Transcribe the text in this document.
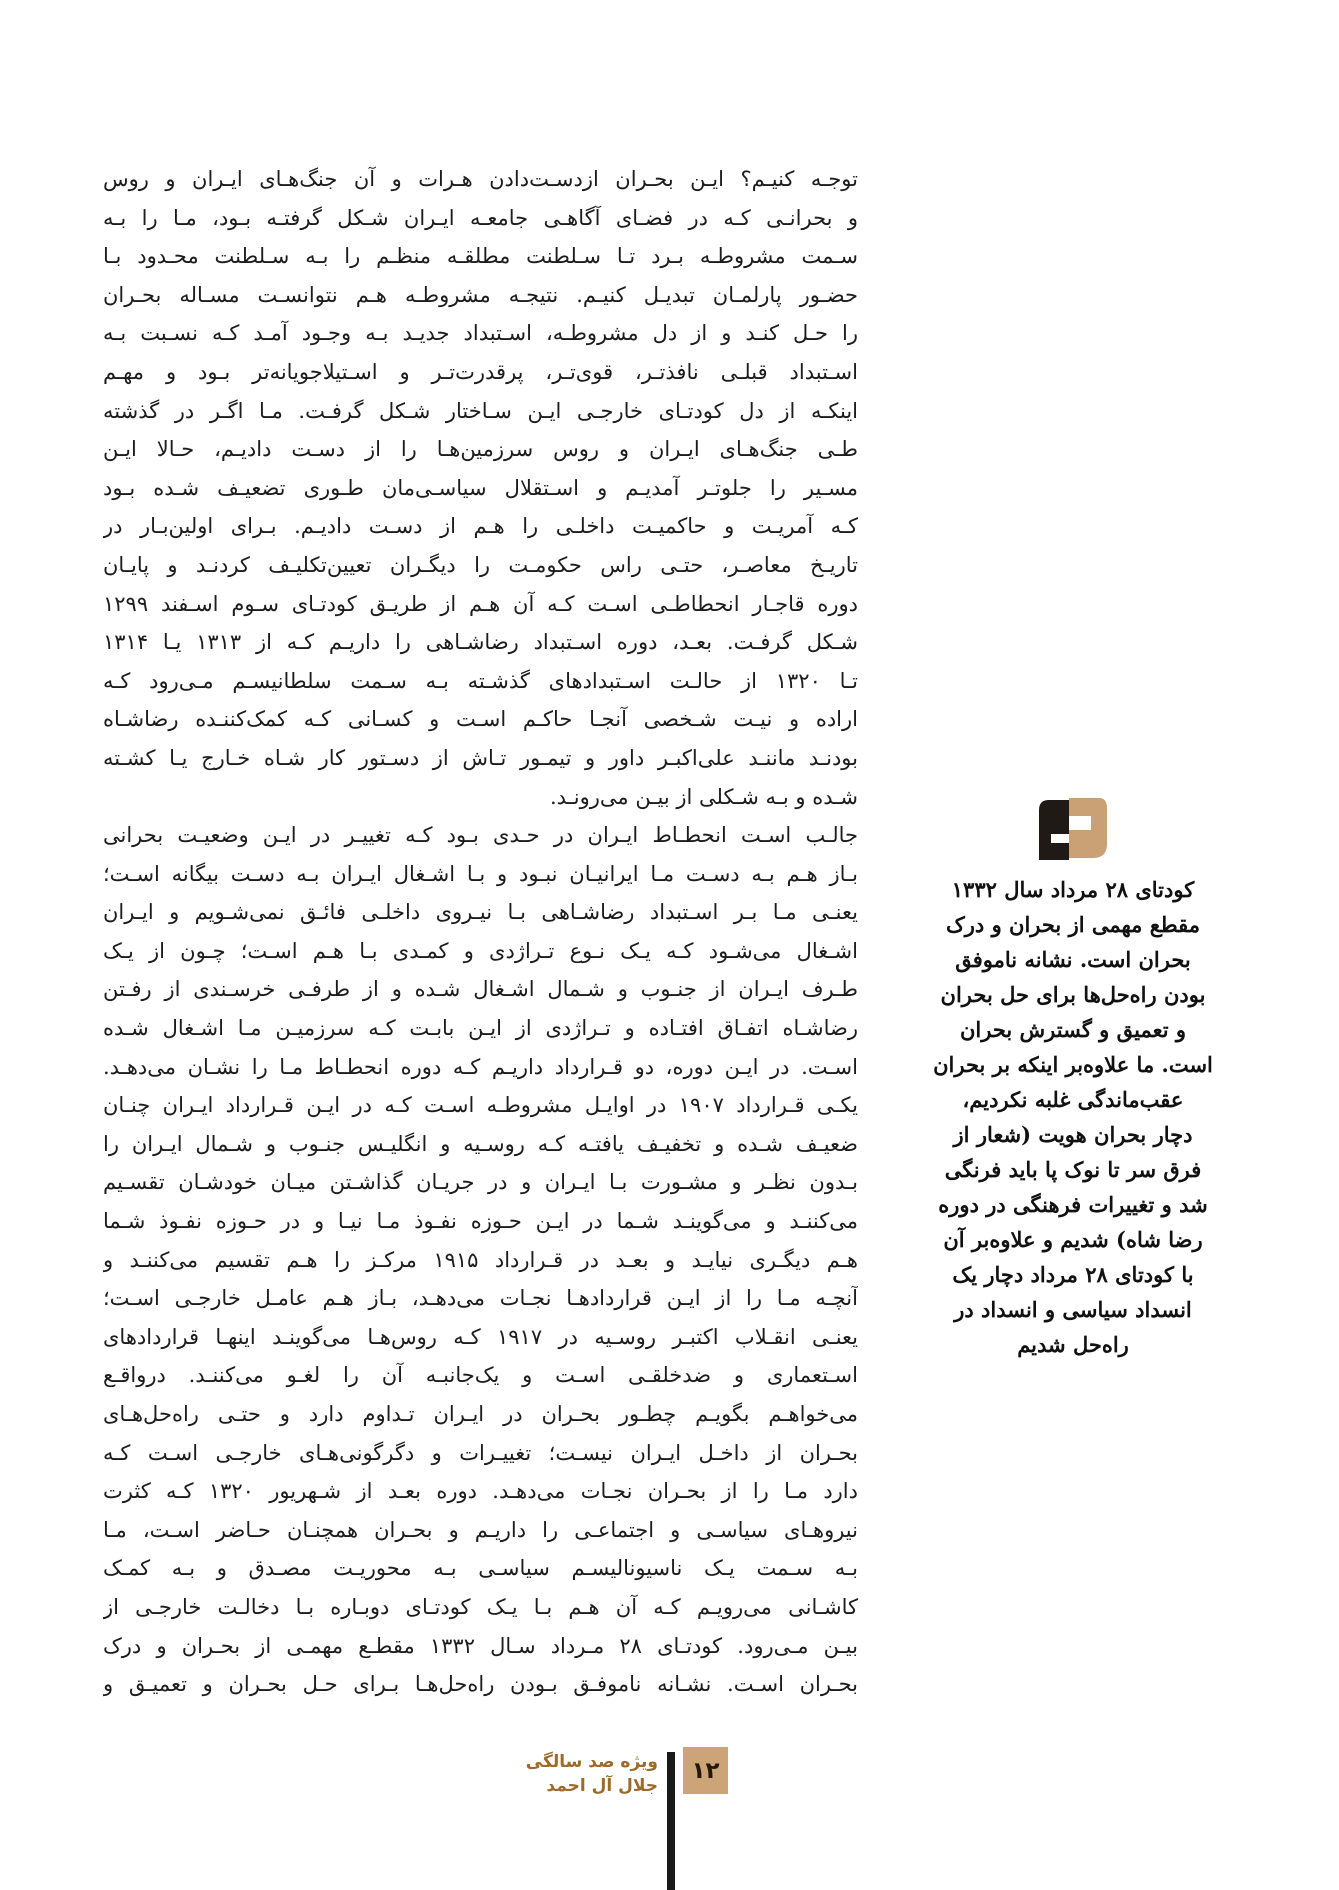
توجـه کنیـم؟ ایـن بحـران ازدسـت‌دادن هـرات و آن جنگ‌هـای ایـران و روس
و بحرانـی کـه در فضـای آگاهـی جامعـه ایـران شـکل گرفتـه بـود، مـا را بـه
سـمت مشروطـه بـرد تـا سـلطنت مطلقـه منظـم را بـه سـلطنت محـدود بـا
حضـور پارلمـان تبدیـل کنیـم. نتیجـه مشروطـه هـم نتوانسـت مسـاله بحـران
را حـل کنـد و از دل مشروطـه، اسـتبداد جدیـد بـه وجـود آمـد کـه نسـبت بـه
اسـتبداد قبلـی نافذتـر، قوی‌تـر، پرقدرت‌تـر و اسـتیلاجویانه‌تر بـود و مهـم
اینکـه از دل کودتـای خارجـی ایـن سـاختار شـکل گرفـت. مـا اگـر در گذشته
طـی جنگ‌هـای ایـران و روس سرزمین‌هـا را از دسـت دادیـم، حـالا ایـن
مسـیر را جلوتـر آمدیـم و اسـتقلال سیاسـی‌مان طـوری تضعیـف شـده بـود
کـه آمریـت و حاکمیـت داخلـی را هـم از دسـت دادیـم. بـرای اولین‌بـار در
تاریـخ معاصـر، حتـی راس حکومـت را دیگـران تعیین‌تکلیـف کردنـد و پایـان
دوره قاجـار انحطاطـی اسـت کـه آن هـم از طریـق کودتـای سـوم اسـفند ۱۲۹۹
شـکل گرفـت. بعـد، دوره اسـتبداد رضاشـاهی را داریـم کـه از ۱۳۱۳ یـا ۱۳۱۴
تـا ۱۳۲۰ از حالـت اسـتبدادهای گذشـته بـه سـمت سلطانیسـم مـی‌رود کـه
اراده و نیـت شـخصی آنجـا حاکـم اسـت و کسـانی کـه کمک‌کننـده رضاشـاه
بودنـد ماننـد علی‌اکبـر داور و تیمـور تـاش از دسـتور کار شـاه خـارج یـا کشـته
شـده و بـه شـکلی از بیـن می‌رونـد.
جالـب اسـت انحطـاط ایـران در حـدی بـود کـه تغییـر در ایـن وضعیـت بحرانی
بـاز هـم بـه دسـت مـا ایرانیـان نبـود و بـا اشـغال ایـران بـه دسـت بیگانه اسـت؛
یعنـی مـا بـر اسـتبداد رضاشـاهی بـا نیـروی داخلـی فائـق نمی‌شـویم و ایـران
اشـغال می‌شـود کـه یـک نـوع تـراژدی و کمـدی بـا هـم اسـت؛ چـون از یـک
طـرف ایـران از جنـوب و شـمال اشـغال شـده و از طرفـی خرسـندی از رفـتن
رضاشـاه اتفـاق افتـاده و تـراژدی از ایـن بابـت کـه سرزمیـن مـا اشـغال شـده
اسـت. در ایـن دوره، دو قـرارداد داریـم کـه دوره انحطـاط مـا را نشـان می‌دهـد.
یکـی قـرارداد ۱۹۰۷ در اوایـل مشروطـه اسـت کـه در ایـن قـرارداد ایـران چنـان
ضعیـف شـده و تخفیـف یافتـه کـه روسـیه و انگلیـس جنـوب و شـمال ایـران را
بـدون نظـر و مشـورت بـا ایـران و در جریـان گذاشـتن میـان خودشـان تقسـیم
می‌کننـد و می‌گوینـد شـما در ایـن حـوزه نفـوذ مـا نیـا و در حـوزه نفـوذ شـما
هـم دیگـری نیایـد و بعـد در قـرارداد ۱۹۱۵ مرکـز را هـم تقسیم می‌کننـد و
آنچـه مـا را از ایـن قراردادهـا نجـات می‌دهـد، بـاز هـم عامـل خارجـی اسـت؛
یعنـی انقـلاب اکتبـر روسـیه در ۱۹۱۷ کـه روس‌هـا می‌گوینـد اینهـا قراردادهای
اسـتعماری و ضدخلقـی اسـت و یک‌جانبـه آن را لغـو می‌کننـد. درواقـع
می‌خواهـم بگویـم چطـور بحـران در ایـران تـداوم دارد و حتـی راه‌حل‌هـای
بحـران از داخـل ایـران نیسـت؛ تغییـرات و دگرگونی‌هـای خارجـی اسـت کـه
دارد مـا را از بحـران نجـات می‌دهـد. دوره بعـد از شـهریور ۱۳۲۰ کـه کثرت
نیروهـای سیاسـی و اجتماعـی را داریـم و بحـران همچنـان حـاضر اسـت، مـا
بـه سـمت یـک ناسیونالیسـم سیاسـی بـه محوریـت مصـدق و بـه کمـک
کاشـانی می‌رویـم کـه آن هـم بـا یـک کودتـای دوبـاره بـا دخالـت خارجـی از
بیـن مـی‌رود. کودتـای ۲۸ مـرداد سـال ۱۳۳۲ مقطـع مهمـی از بحـران و درک
بحـران اسـت. نشـانه ناموفـق بـودن راه‌حل‌هـا بـرای حـل بحـران و تعمیـق و
کودتای ۲۸ مرداد سال ۱۳۳۲
مقطع مهمی از بحران و درک
بحران است. نشانه ناموفق
بودن راه‌حل‌ها برای حل بحران
و تعمیق و گسترش بحران
است. ما علاوه‌بر اینکه بر بحران
عقب‌ماندگی غلبه نکردیم،
دچار بحران هویت (شعار از
فرق سر تا نوک پا باید فرنگی
شد و تغییرات فرهنگی در دوره
رضا شاه) شدیم و علاوه‌بر آن
با کودتای ۲۸ مرداد دچار یک
انسداد سیاسی و انسداد در
راه‌حل شدیم
ویژه صد سالگی
جلال آل احمد
۱۲
